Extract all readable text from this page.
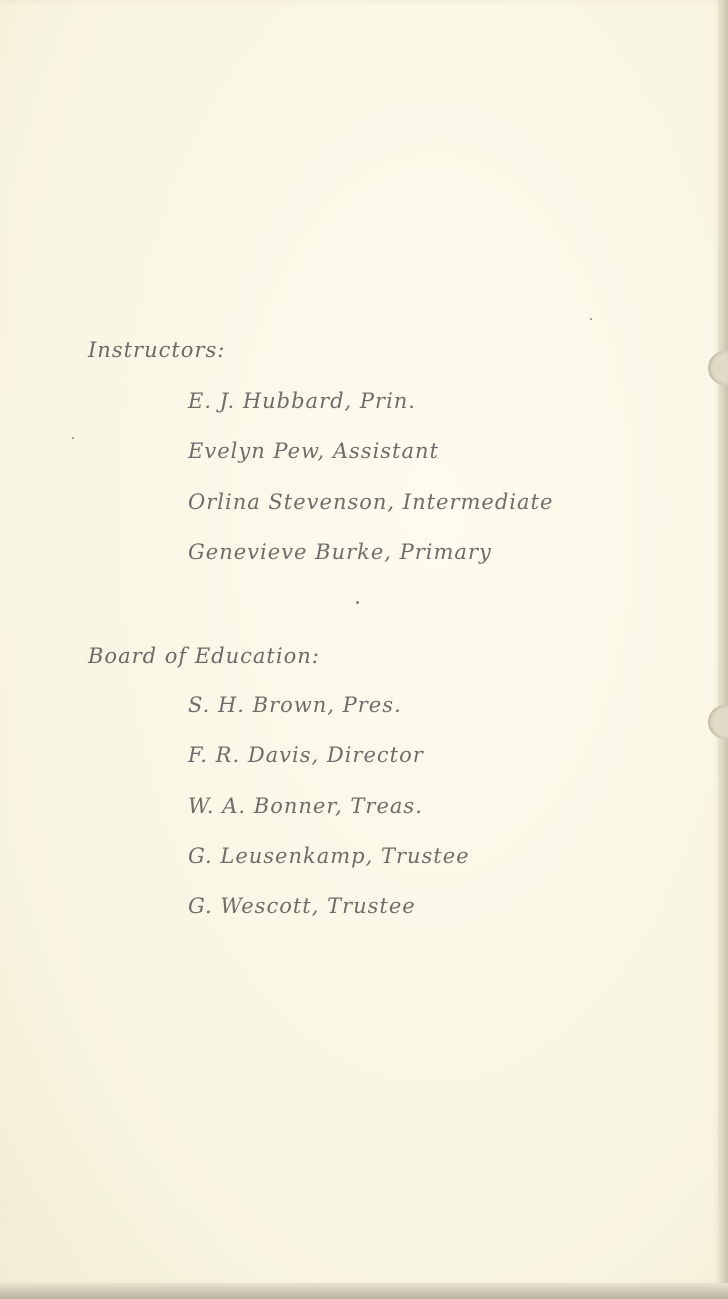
Instructors:

E. J. Hubbard, Prin.

Evelyn Pew, Assistant

Orlina Stevenson, Intermediate

Genevieve Burke, Primary

Board of Education:

S. H. Brown, Pres.

F. R. Davis, Director

W. A. Bonner, Treas.

G. Leusenkamp, Trustee

G. Wescott, Trustee
